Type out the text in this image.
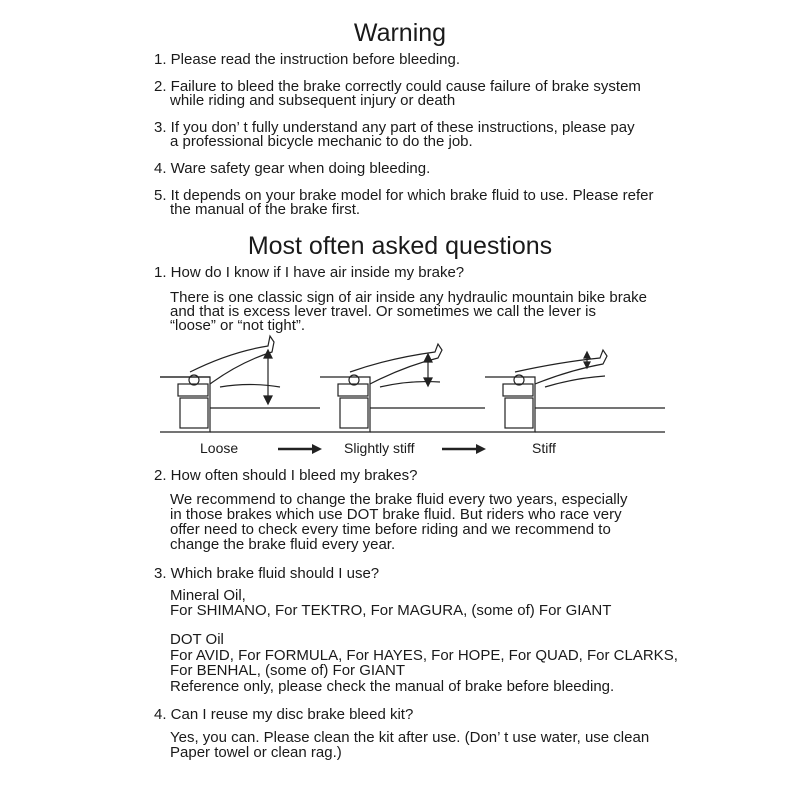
Warning
1. Please read the instruction before bleeding.
2. Failure to bleed the brake correctly could cause failure of brake system
while riding and subsequent injury or death
3. If you don’ t fully understand any part of these instructions, please pay
a professional bicycle mechanic to do the job.
4. Ware safety gear when doing bleeding.
5. It depends on your brake model for which brake fluid to use. Please refer
the manual of the brake first.
Most often asked questions
1. How do I know if I have air inside my brake?
There is one classic sign of air inside any hydraulic mountain bike brake
and that is excess lever travel. Or sometimes we call the lever is
“loose” or “not tight”.
Loose	Slightly stiff	Stiff
2. How often should I bleed my brakes?
We recommend to change the brake fluid every two years, especially
in those brakes which use DOT brake fluid. But riders who race very
offer need to check every time before riding and we recommend to
change the brake fluid every year.
3. Which brake fluid should I use?
Mineral Oil,
For SHIMANO, For TEKTRO, For MAGURA, (some of) For GIANT
DOT Oil
For AVID, For FORMULA, For HAYES, For HOPE, For QUAD, For CLARKS,
For BENHAL, (some of) For GIANT
Reference only, please check the manual of brake before bleeding.
4. Can I reuse my disc brake bleed kit?
Yes, you can. Please clean the kit after use. (Don’ t use water, use clean
Paper towel or clean rag.)
